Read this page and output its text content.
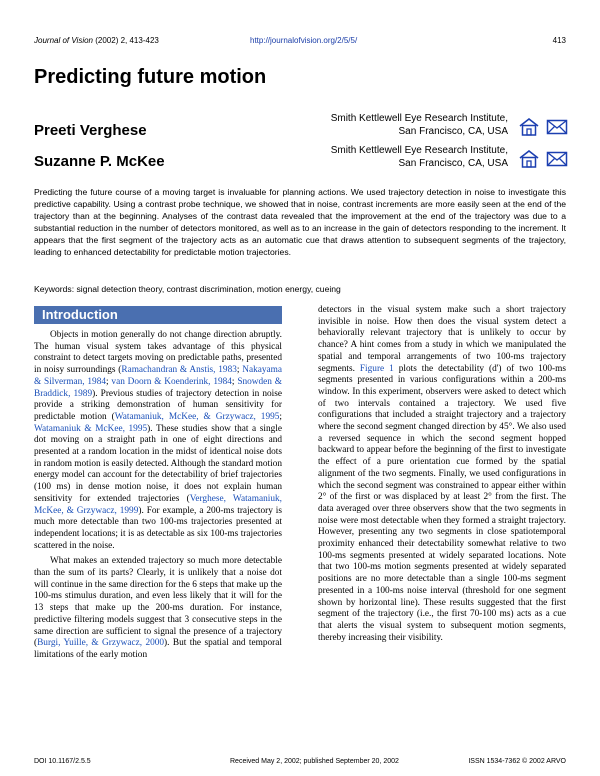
Journal of Vision (2002) 2, 413-423	http://journalofvision.org/2/5/5/	413
Predicting future motion
Preeti Verghese
Smith Kettlewell Eye Research Institute,
San Francisco, CA, USA
Suzanne P. McKee
Smith Kettlewell Eye Research Institute,
San Francisco, CA, USA
Predicting the future course of a moving target is invaluable for planning actions. We used trajectory detection in noise to investigate this predictive capability. Using a contrast probe technique, we showed that in noise, contrast increments are more easily seen at the end of the trajectory than at the beginning. Analyses of the contrast data revealed that the improvement at the end of the trajectory was due to a substantial reduction in the number of detectors monitored, as well as to an increase in the gain of detectors responding to the increment. It appears that the first segment of the trajectory acts as an automatic cue that draws attention to subsequent segments of the trajectory, leading to enhanced detectability for predictable motion trajectories.
Keywords: signal detection theory, contrast discrimination, motion energy, cueing
Introduction

Objects in motion generally do not change direction abruptly. The human visual system takes advantage of this physical constraint to detect targets moving on predictable paths, presented in noisy surroundings (Ramachandran & Anstis, 1983; Nakayama & Silverman, 1984; van Doorn & Koenderink, 1984; Snowden & Braddick, 1989). Previous studies of trajectory detection in noise provide a striking demonstration of human sensitivity for predictable motion (Watamaniuk, McKee, & Grzywacz, 1995; Watamaniuk & McKee, 1995). These studies show that a single dot moving on a straight path in one of eight directions and presented at a random location in the midst of identical noise dots in random motion is easily detected. Although the standard motion energy model can account for the detectability of brief trajectories (100 ms) in dense motion noise, it does not explain human sensitivity for extended trajectories (Verghese, Watamaniuk, McKee, & Grzywacz, 1999). For example, a 200-ms trajectory is much more detectable than two 100-ms trajectories presented at independent locations; it is as detectable as six 100-ms trajectories scattered in the noise.

What makes an extended trajectory so much more detectable than the sum of its parts? Clearly, it is unlikely that a noise dot will continue in the same direction for the 6 steps that make up the 100-ms stimulus duration, and even less likely that it will for the 13 steps that make up the 200-ms duration. For instance, predictive filtering models suggest that 3 consecutive steps in the same direction are sufficient to signal the presence of a trajectory (Burgi, Yuille, & Grzywacz, 2000). But the spatial and temporal limitations of the early motion

detectors in the visual system make such a short trajectory invisible in noise. How then does the visual system detect a behaviorally relevant trajectory that is unlikely to occur by chance? A hint comes from a study in which we manipulated the spatial and temporal arrangements of two 100-ms trajectory segments. Figure 1 plots the detectability (d') of two 100-ms segments presented in various configurations within a 200-ms window. In this experiment, observers were asked to detect which of two intervals contained a trajectory. We used five configurations that included a straight trajectory and a trajectory where the second segment changed direction by 45°. We also used a reversed sequence in which the second segment hopped backward to appear before the beginning of the first to investigate the effect of a pure orientation cue formed by the spatial alignment of the two segments. Finally, we used configurations in which the second segment was constrained to appear either within 2° of the first or was displaced by at least 2° from the first. The data averaged over three observers show that the two segments in noise were most detectable when they formed a straight trajectory. However, presenting any two segments in close spatiotemporal proximity enhanced their detectability somewhat relative to two 100-ms segments presented at widely separated locations. Note that two 100-ms motion segments presented at widely separated positions are no more detectable than a single 100-ms segment presented in a 100-ms noise interval (threshold for one segment shown by horizontal line). These results suggested that the first segment of the trajectory (i.e., the first 70-100 ms) acts as a cue that alerts the visual system to subsequent motion segments, thereby increasing their visibility.

DOI 10.1167/2.5.5	Received May 2, 2002; published September 20, 2002	ISSN 1534-7362 © 2002 ARVO
